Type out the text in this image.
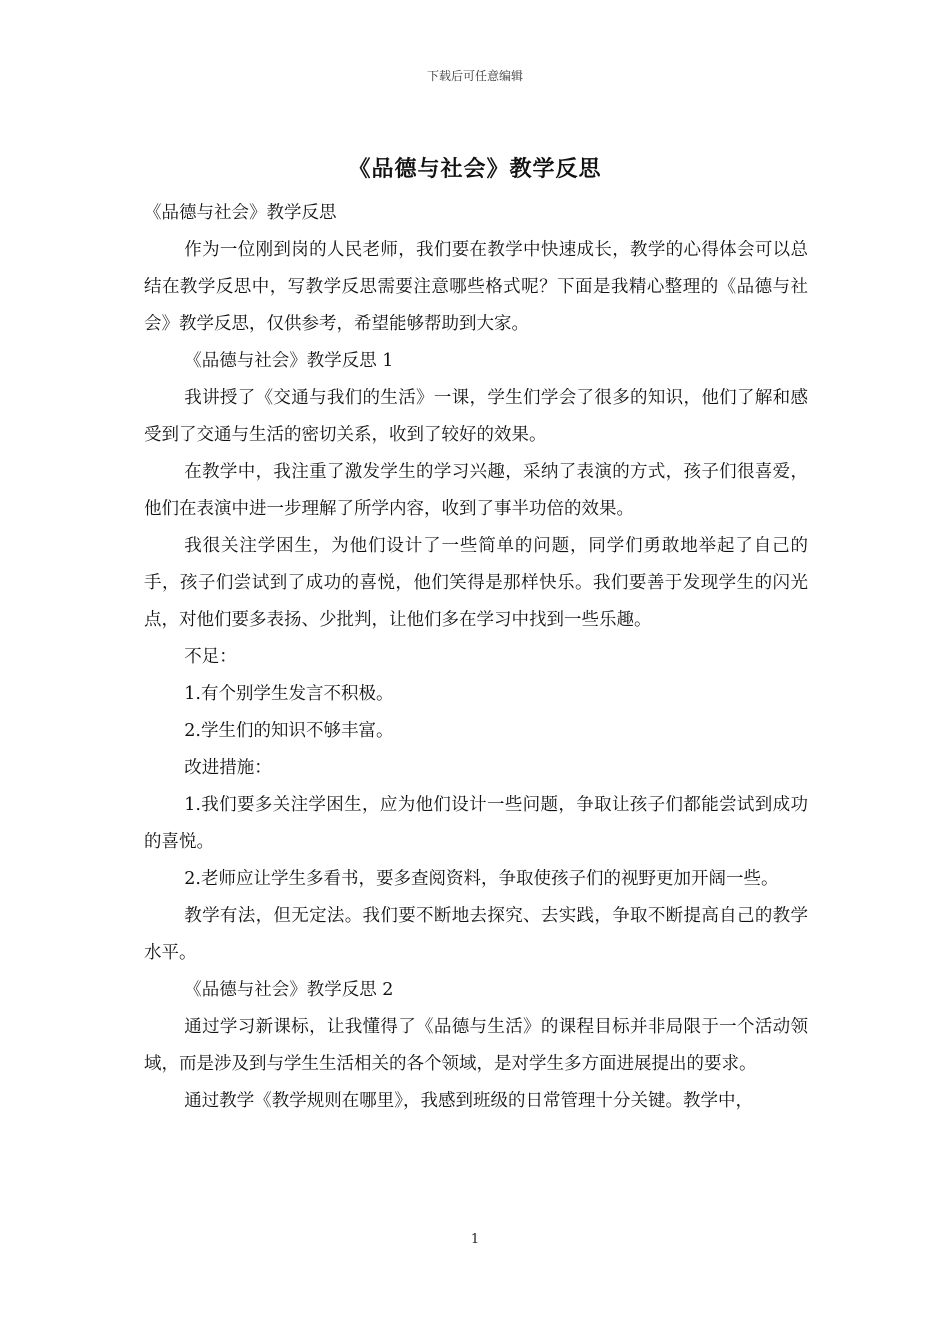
下载后可任意编辑
《品德与社会》教学反思

《品德与社会》教学反思

作为一位刚到岗的人民老师，我们要在教学中快速成长，教学的心得体会可以总结在教学反思中，写教学反思需要注意哪些格式呢？下面是我精心整理的《品德与社会》教学反思，仅供参考，希望能够帮助到大家。

《品德与社会》教学反思 1

我讲授了《交通与我们的生活》一课，学生们学会了很多的知识，他们了解和感受到了交通与生活的密切关系，收到了较好的效果。

在教学中，我注重了激发学生的学习兴趣，采纳了表演的方式，孩子们很喜爱，他们在表演中进一步理解了所学内容，收到了事半功倍的效果。

我很关注学困生，为他们设计了一些简单的问题，同学们勇敢地举起了自己的手，孩子们尝试到了成功的喜悦，他们笑得是那样快乐。我们要善于发现学生的闪光点，对他们要多表扬、少批判，让他们多在学习中找到一些乐趣。

不足：

1.有个别学生发言不积极。

2.学生们的知识不够丰富。

改进措施：

1.我们要多关注学困生，应为他们设计一些问题，争取让孩子们都能尝试到成功的喜悦。

2.老师应让学生多看书，要多查阅资料，争取使孩子们的视野更加开阔一些。

教学有法，但无定法。我们要不断地去探究、去实践，争取不断提高自己的教学水平。

《品德与社会》教学反思 2

通过学习新课标，让我懂得了《品德与生活》的课程目标并非局限于一个活动领域，而是涉及到与学生生活相关的各个领域，是对学生多方面进展提出的要求。

通过教学《教学规则在哪里》，我感到班级的日常管理十分关键。教学中，

1
